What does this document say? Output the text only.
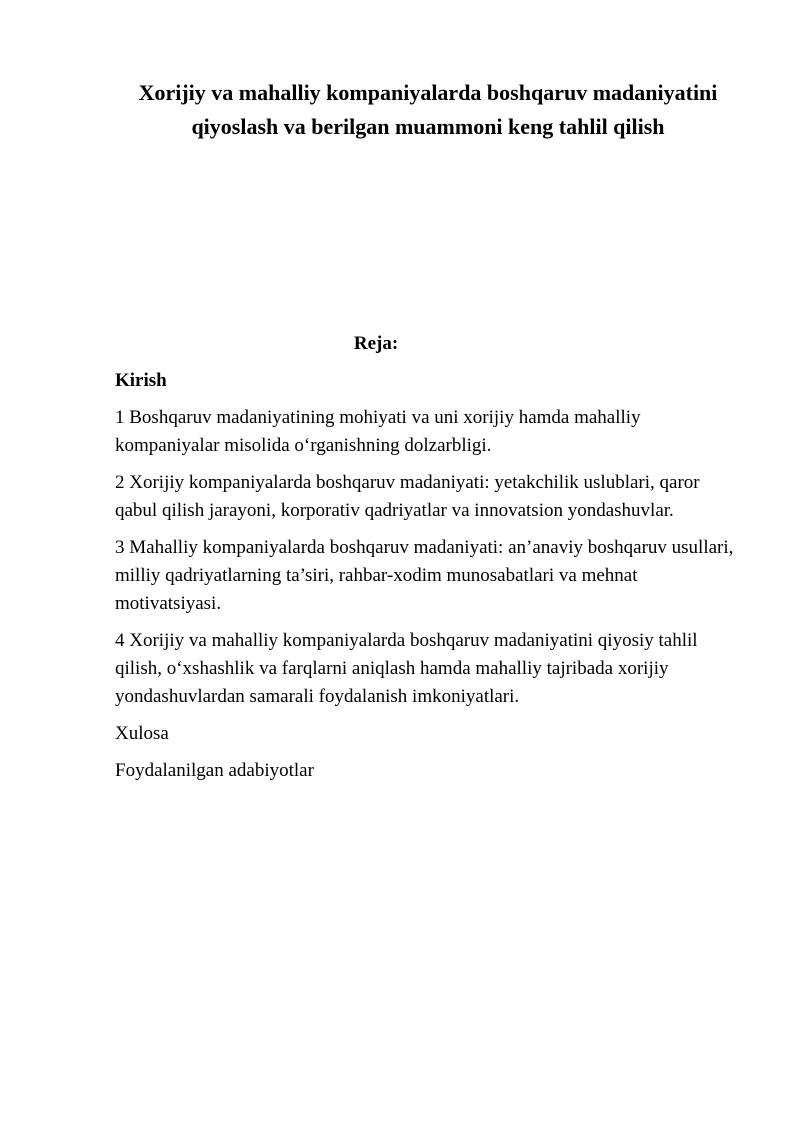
Xorijiy va mahalliy kompaniyalarda boshqaruv madaniyatini qiyoslash va berilgan muammoni keng tahlil qilish
Reja:
Kirish
1 Boshqaruv madaniyatining mohiyati va uni xorijiy hamda mahalliy kompaniyalar misolida o‘rganishning dolzarbligi.
2 Xorijiy kompaniyalarda boshqaruv madaniyati: yetakchilik uslublari, qaror qabul qilish jarayoni, korporativ qadriyatlar va innovatsion yondashuvlar.
3 Mahalliy kompaniyalarda boshqaruv madaniyati: an’anaviy boshqaruv usullari, milliy qadriyatlarning ta’siri, rahbar-xodim munosabatlari va mehnat motivatsiyasi.
4 Xorijiy va mahalliy kompaniyalarda boshqaruv madaniyatini qiyosiy tahlil qilish, o‘xshashlik va farqlarni aniqlash hamda mahalliy tajribada xorijiy yondashuvlardan samarali foydalanish imkoniyatlari.
Xulosa
Foydalanilgan adabiyotlar
